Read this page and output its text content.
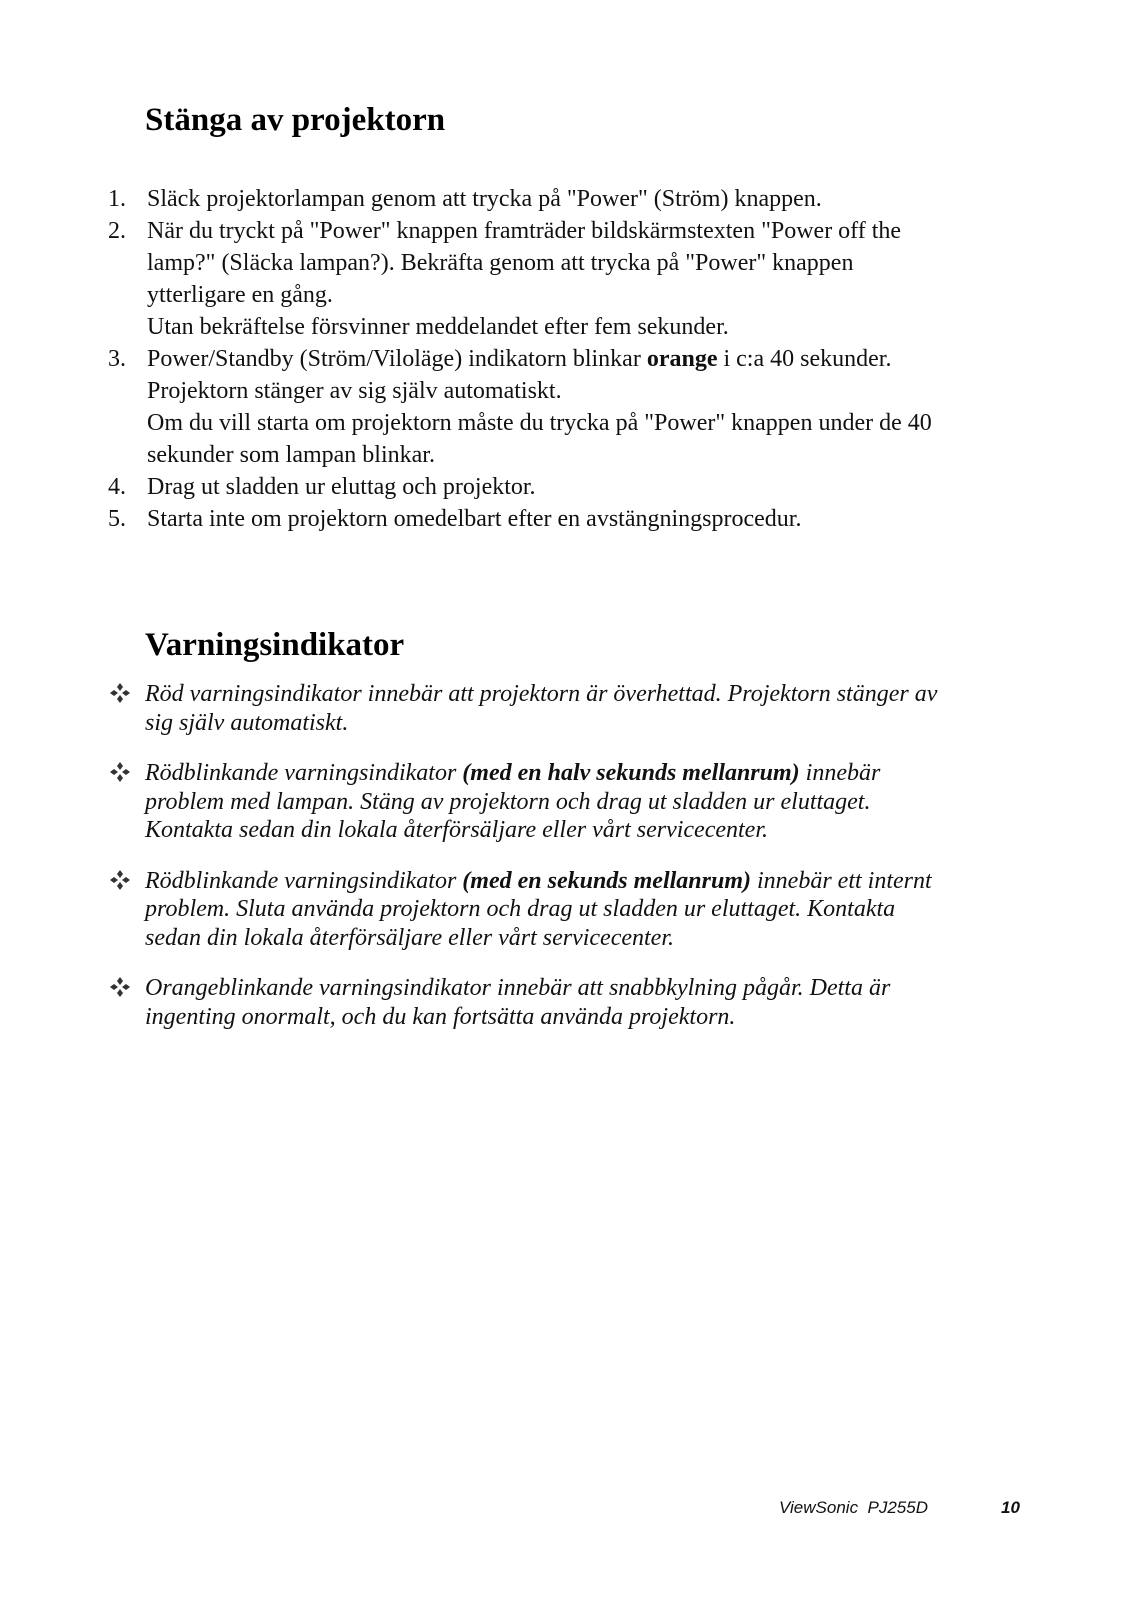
Stänga av projektorn
1. Släck projektorlampan genom att trycka på "Power" (Ström) knappen.
2. När du tryckt på "Power" knappen framträder bildskärmstexten "Power off the
lamp?" (Släcka lampan?). Bekräfta genom att trycka på "Power" knappen
ytterligare en gång.
Utan bekräftelse försvinner meddelandet efter fem sekunder.
3. Power/Standby (Ström/Viloläge) indikatorn blinkar orange i c:a 40 sekunder.
Projektorn stänger av sig själv automatiskt.
Om du vill starta om projektorn måste du trycka på "Power" knappen under de 40
sekunder som lampan blinkar.
4. Drag ut sladden ur eluttag och projektor.
5. Starta inte om projektorn omedelbart efter en avstängningsprocedur.
Varningsindikator
Röd varningsindikator innebär att projektorn är överhettad. Projektorn stänger av
sig själv automatiskt.
Rödblinkande varningsindikator (med en halv sekunds mellanrum) innebär
problem med lampan. Stäng av projektorn och drag ut sladden ur eluttaget.
Kontakta sedan din lokala återförsäljare eller vårt servicecenter.
Rödblinkande varningsindikator (med en sekunds mellanrum) innebär ett internt
problem. Sluta använda projektorn och drag ut sladden ur eluttaget. Kontakta
sedan din lokala återförsäljare eller vårt servicecenter.
Orangeblinkande varningsindikator innebär att snabbkylning pågår. Detta är
ingenting onormalt, och du kan fortsätta använda projektorn.
ViewSonic  PJ255D	10
